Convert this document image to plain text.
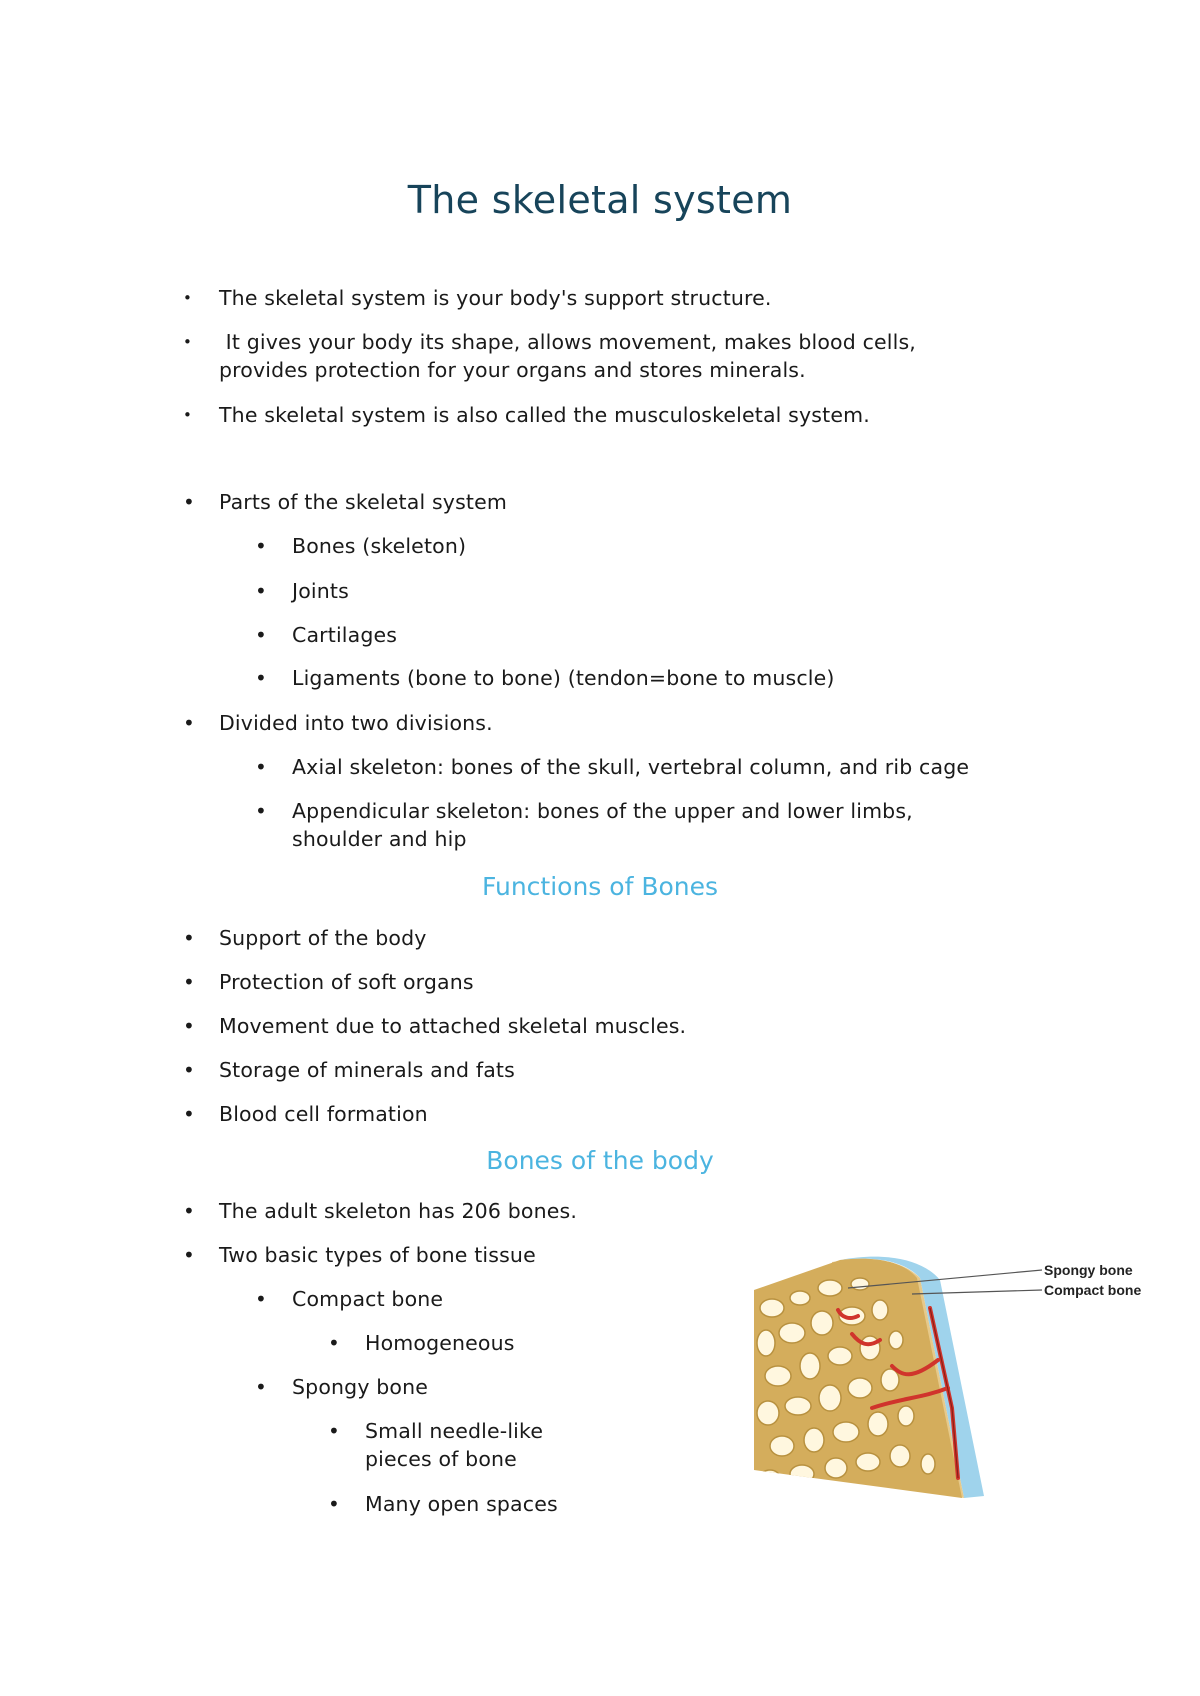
The skeletal system
• The skeletal system is your body's support structure.
• It gives your body its shape, allows movement, makes blood cells,
provides protection for your organs and stores minerals.
• The skeletal system is also called the musculoskeletal system.
• Parts of the skeletal system
• Bones (skeleton)
• Joints
• Cartilages
• Ligaments (bone to bone) (tendon=bone to muscle)
• Divided into two divisions.
• Axial skeleton: bones of the skull, vertebral column, and rib cage
• Appendicular skeleton: bones of the upper and lower limbs,
shoulder and hip
Functions of Bones
• Support of the body
• Protection of soft organs
• Movement due to attached skeletal muscles.
• Storage of minerals and fats
• Blood cell formation
Bones of the body
• The adult skeleton has 206 bones.
• Two basic types of bone tissue
• Compact bone
• Homogeneous
• Spongy bone
• Small needle-like
pieces of bone
• Many open spaces
Spongy bone
Compact bone
